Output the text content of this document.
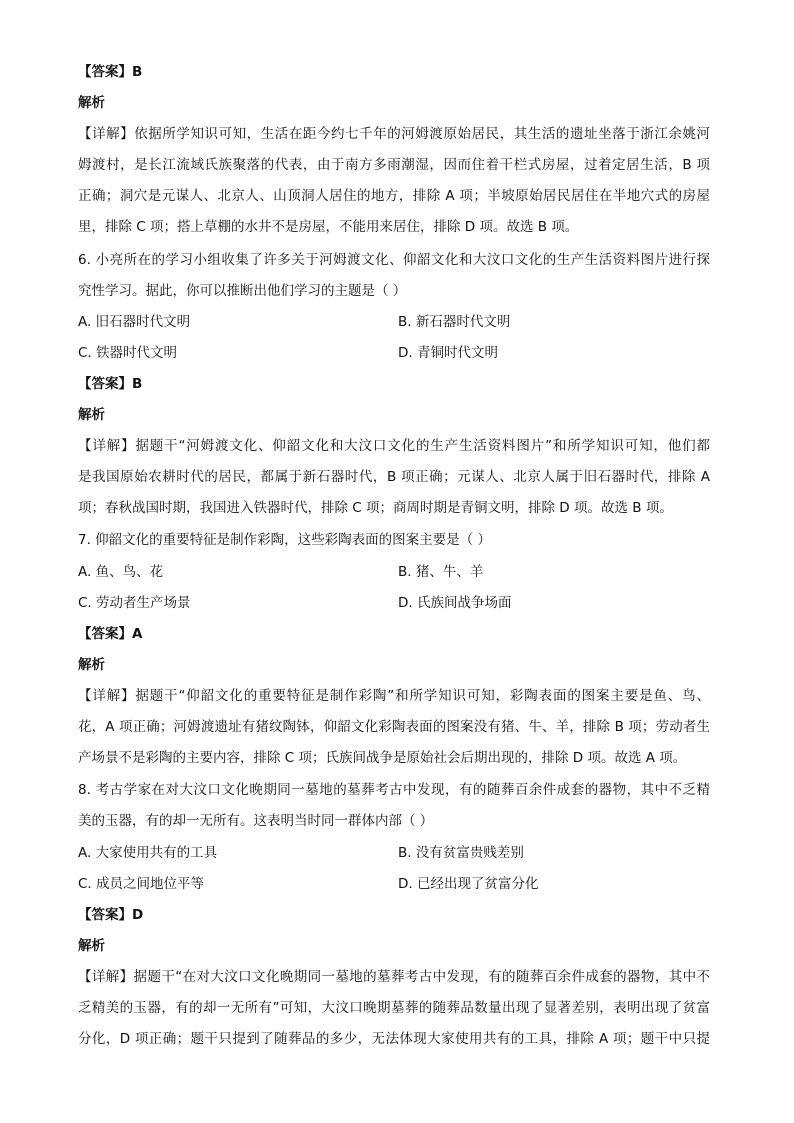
【答案】B
解析
【详解】依据所学知识可知，生活在距今约七千年的河姆渡原始居民，其生活的遗址坐落于浙江余姚河
姆渡村，是长江流域氏族聚落的代表，由于南方多雨潮湿，因而住着干栏式房屋，过着定居生活，B 项
正确；洞穴是元谋人、北京人、山顶洞人居住的地方，排除 A 项；半坡原始居民居住在半地穴式的房屋
里，排除 C 项；搭上草棚的水井不是房屋，不能用来居住，排除 D 项。故选 B 项。
6. 小亮所在的学习小组收集了许多关于河姆渡文化、仰韶文化和大汶口文化的生产生活资料图片进行探
究性学习。据此，你可以推断出他们学习的主题是（ ）
A. 旧石器时代文明	B. 新石器时代文明
C. 铁器时代文明	D. 青铜时代文明
【答案】B
解析
【详解】据题干“河姆渡文化、仰韶文化和大汶口文化的生产生活资料图片”和所学知识可知，他们都
是我国原始农耕时代的居民，都属于新石器时代，B 项正确；元谋人、北京人属于旧石器时代，排除 A
项；春秋战国时期，我国进入铁器时代，排除 C 项；商周时期是青铜文明，排除 D 项。故选 B 项。
7. 仰韶文化的重要特征是制作彩陶，这些彩陶表面的图案主要是（ ）
A. 鱼、鸟、花	B. 猪、牛、羊
C. 劳动者生产场景	D. 氏族间战争场面
【答案】A
解析
【详解】据题干“仰韶文化的重要特征是制作彩陶”和所学知识可知，彩陶表面的图案主要是鱼、鸟、
花，A 项正确；河姆渡遗址有猪纹陶钵，仰韶文化彩陶表面的图案没有猪、牛、羊，排除 B 项；劳动者生
产场景不是彩陶的主要内容，排除 C 项；氏族间战争是原始社会后期出现的，排除 D 项。故选 A 项。
8. 考古学家在对大汶口文化晚期同一墓地的墓葬考古中发现，有的随葬百余件成套的器物，其中不乏精
美的玉器，有的却一无所有。这表明当时同一群体内部（ ）
A. 大家使用共有的工具	B. 没有贫富贵贱差别
C. 成员之间地位平等	D. 已经出现了贫富分化
【答案】D
解析
【详解】据题干“在对大汶口文化晚期同一墓地的墓葬考古中发现，有的随葬百余件成套的器物，其中不
乏精美的玉器，有的却一无所有”可知，大汶口晚期墓葬的随葬品数量出现了显著差别，表明出现了贫富
分化，D 项正确；题干只提到了随葬品的多少，无法体现大家使用共有的工具，排除 A 项；题干中只提
